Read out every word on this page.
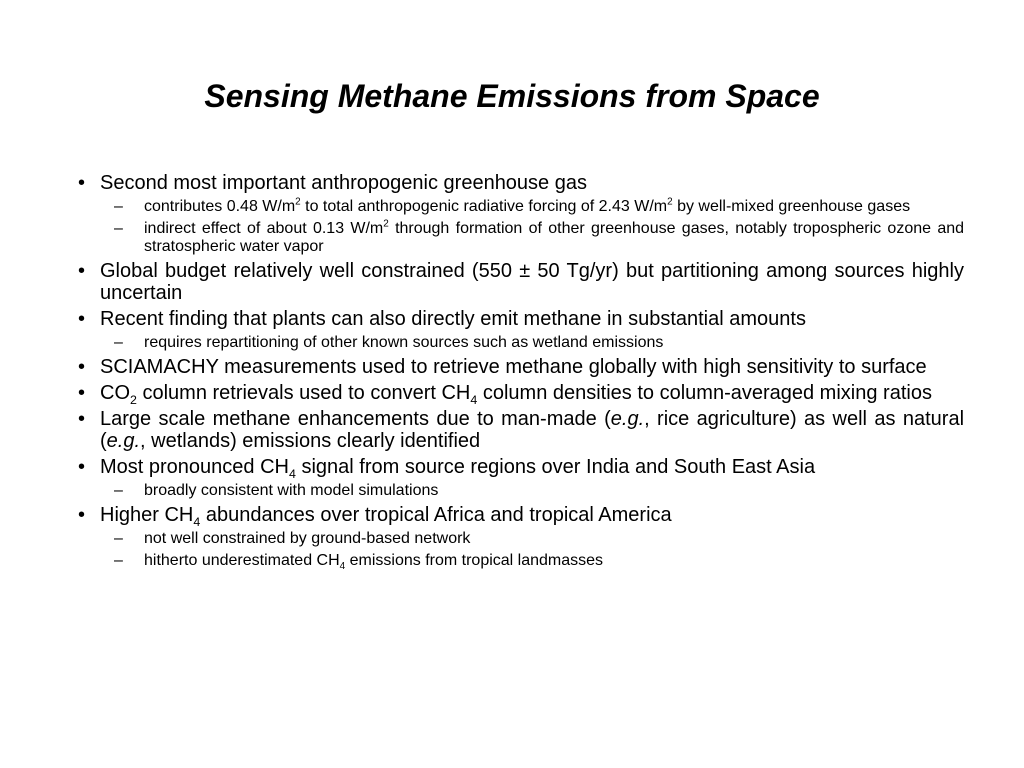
Sensing Methane Emissions from Space
• Second most important anthropogenic greenhouse gas
– contributes 0.48 $W/m^2$ to total anthropogenic radiative forcing of 2.43 $W/m^2$ by well-mixed greenhouse gases
– indirect effect of about 0.13 $W/m^2$ through formation of other greenhouse gases, notably tropospheric ozone and stratospheric water vapor
• Global budget relatively well constrained (550 ± 50 Tg/yr) but partitioning among sources highly uncertain
• Recent finding that plants can also directly emit methane in substantial amounts
– requires repartitioning of other known sources such as wetland emissions
• SCIAMACHY measurements used to retrieve methane globally with high sensitivity to surface
• $CO_2$ column retrievals used to convert $CH_4$ column densities to column-averaged mixing ratios
• Large scale methane enhancements due to man-made (e.g., rice agriculture) as well as natural (e.g., wetlands) emissions clearly identified
• Most pronounced $CH_4$ signal from source regions over India and South East Asia
– broadly consistent with model simulations
• Higher $CH_4$ abundances over tropical Africa and tropical America
– not well constrained by ground-based network
– hitherto underestimated $CH_4$ emissions from tropical landmasses
